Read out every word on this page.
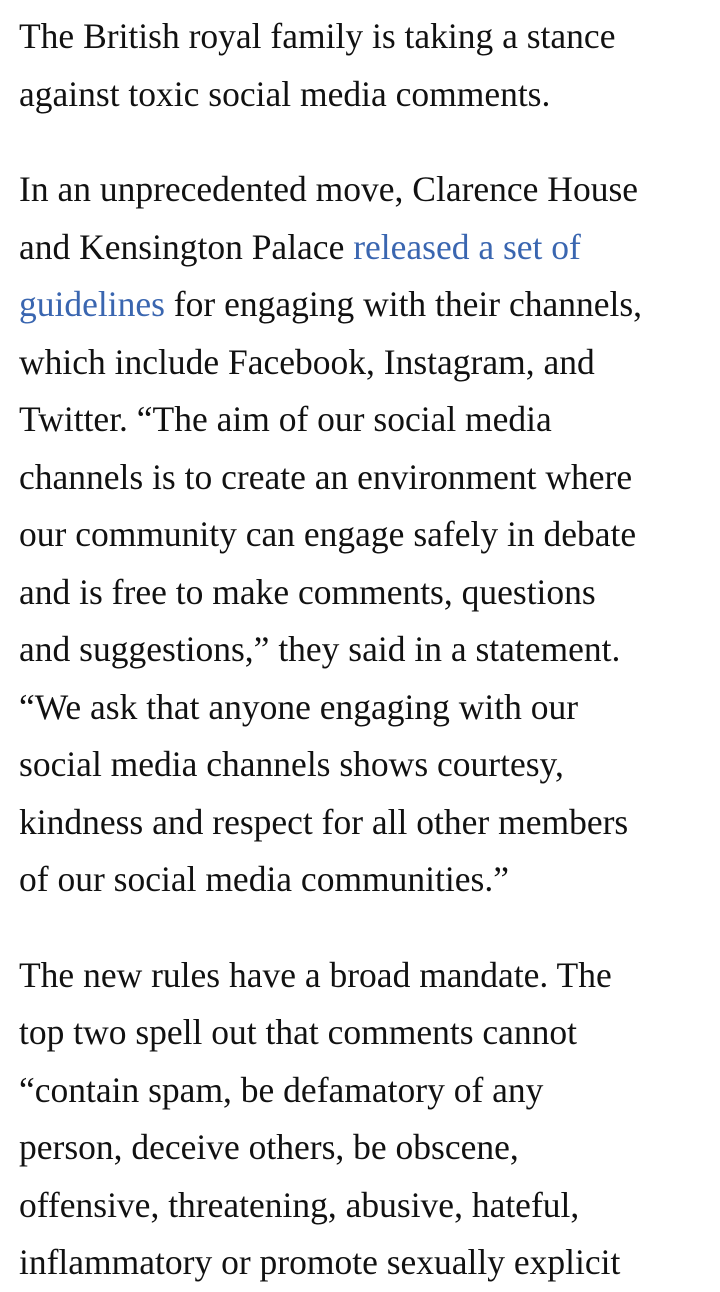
The British royal family is taking a stance
against toxic social media comments.

In an unprecedented move, Clarence House
and Kensington Palace released a set of
guidelines for engaging with their channels,
which include Facebook, Instagram, and
Twitter. “The aim of our social media
channels is to create an environment where
our community can engage safely in debate
and is free to make comments, questions
and suggestions,” they said in a statement.
“We ask that anyone engaging with our
social media channels shows courtesy,
kindness and respect for all other members
of our social media communities.”

The new rules have a broad mandate. The
top two spell out that comments cannot
“contain spam, be defamatory of any
person, deceive others, be obscene,
offensive, threatening, abusive, hateful,
inflammatory or promote sexually explicit
